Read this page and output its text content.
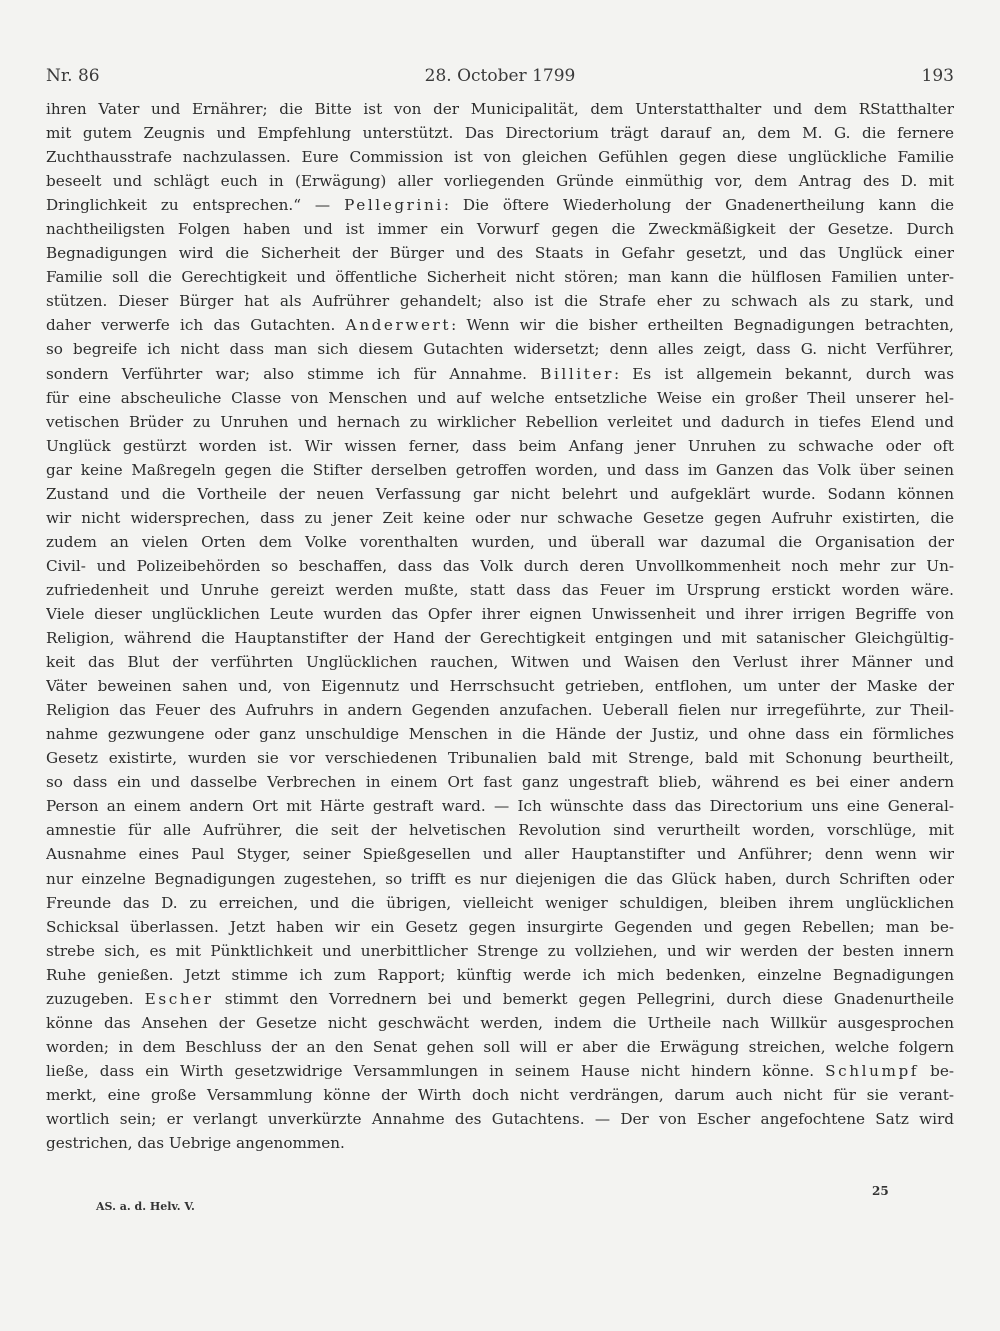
Nr. 86	28. October 1799	193
ihren Vater und Ernährer; die Bitte ist von der Municipalität, dem Unterstatthalter und dem RStatthalter
mit gutem Zeugnis und Empfehlung unterstützt. Das Directorium trägt darauf an, dem M. G. die fernere
Zuchthausstrafe nachzulassen. Eure Commission ist von gleichen Gefühlen gegen diese unglückliche Familie
beseelt und schlägt euch in (Erwägung) aller vorliegenden Gründe einmüthig vor, dem Antrag des D. mit
Dringlichkeit zu entsprechen.“ — Pellegrini: Die öftere Wiederholung der Gnadenertheilung kann die
nachtheiligsten Folgen haben und ist immer ein Vorwurf gegen die Zweckmäßigkeit der Gesetze. Durch
Begnadigungen wird die Sicherheit der Bürger und des Staats in Gefahr gesetzt, und das Unglück einer
Familie soll die Gerechtigkeit und öffentliche Sicherheit nicht stören; man kann die hülflosen Familien unter-
stützen. Dieser Bürger hat als Aufrührer gehandelt; also ist die Strafe eher zu schwach als zu stark, und
daher verwerfe ich das Gutachten. Anderwert: Wenn wir die bisher ertheilten Begnadigungen betrachten,
so begreife ich nicht dass man sich diesem Gutachten widersetzt; denn alles zeigt, dass G. nicht Verführer,
sondern Verführter war; also stimme ich für Annahme. Billiter: Es ist allgemein bekannt, durch was
für eine abscheuliche Classe von Menschen und auf welche entsetzliche Weise ein großer Theil unserer hel-
vetischen Brüder zu Unruhen und hernach zu wirklicher Rebellion verleitet und dadurch in tiefes Elend und
Unglück gestürzt worden ist. Wir wissen ferner, dass beim Anfang jener Unruhen zu schwache oder oft
gar keine Maßregeln gegen die Stifter derselben getroffen worden, und dass im Ganzen das Volk über seinen
Zustand und die Vortheile der neuen Verfassung gar nicht belehrt und aufgeklärt wurde. Sodann können
wir nicht widersprechen, dass zu jener Zeit keine oder nur schwache Gesetze gegen Aufruhr existirten, die
zudem an vielen Orten dem Volke vorenthalten wurden, und überall war dazumal die Organisation der
Civil- und Polizeibehörden so beschaffen, dass das Volk durch deren Unvollkommenheit noch mehr zur Un-
zufriedenheit und Unruhe gereizt werden mußte, statt dass das Feuer im Ursprung erstickt worden wäre.
Viele dieser unglücklichen Leute wurden das Opfer ihrer eignen Unwissenheit und ihrer irrigen Begriffe von
Religion, während die Hauptanstifter der Hand der Gerechtigkeit entgingen und mit satanischer Gleichgültig-
keit das Blut der verführten Unglücklichen rauchen, Witwen und Waisen den Verlust ihrer Männer und
Väter beweinen sahen und, von Eigennutz und Herrschsucht getrieben, entflohen, um unter der Maske der
Religion das Feuer des Aufruhrs in andern Gegenden anzufachen. Ueberall fielen nur irregeführte, zur Theil-
nahme gezwungene oder ganz unschuldige Menschen in die Hände der Justiz, und ohne dass ein förmliches
Gesetz existirte, wurden sie vor verschiedenen Tribunalien bald mit Strenge, bald mit Schonung beurtheilt,
so dass ein und dasselbe Verbrechen in einem Ort fast ganz ungestraft blieb, während es bei einer andern
Person an einem andern Ort mit Härte gestraft ward. — Ich wünschte dass das Directorium uns eine General-
amnestie für alle Aufrührer, die seit der helvetischen Revolution sind verurtheilt worden, vorschlüge, mit
Ausnahme eines Paul Styger, seiner Spießgesellen und aller Hauptanstifter und Anführer; denn wenn wir
nur einzelne Begnadigungen zugestehen, so trifft es nur diejenigen die das Glück haben, durch Schriften oder
Freunde das D. zu erreichen, und die übrigen, vielleicht weniger schuldigen, bleiben ihrem unglücklichen
Schicksal überlassen. Jetzt haben wir ein Gesetz gegen insurgirte Gegenden und gegen Rebellen; man be-
strebe sich, es mit Pünktlichkeit und unerbittlicher Strenge zu vollziehen, und wir werden der besten innern
Ruhe genießen. Jetzt stimme ich zum Rapport; künftig werde ich mich bedenken, einzelne Begnadigungen
zuzugeben. Escher stimmt den Vorrednern bei und bemerkt gegen Pellegrini, durch diese Gnadenurtheile
könne das Ansehen der Gesetze nicht geschwächt werden, indem die Urtheile nach Willkür ausgesprochen
worden; in dem Beschluss der an den Senat gehen soll will er aber die Erwägung streichen, welche folgern
ließe, dass ein Wirth gesetzwidrige Versammlungen in seinem Hause nicht hindern könne. Schlumpf be-
merkt, eine große Versammlung könne der Wirth doch nicht verdrängen, darum auch nicht für sie verant-
wortlich sein; er verlangt unverkürzte Annahme des Gutachtens. — Der von Escher angefochtene Satz wird
gestrichen, das Uebrige angenommen.
AS. a. d. Helv. V.
25
